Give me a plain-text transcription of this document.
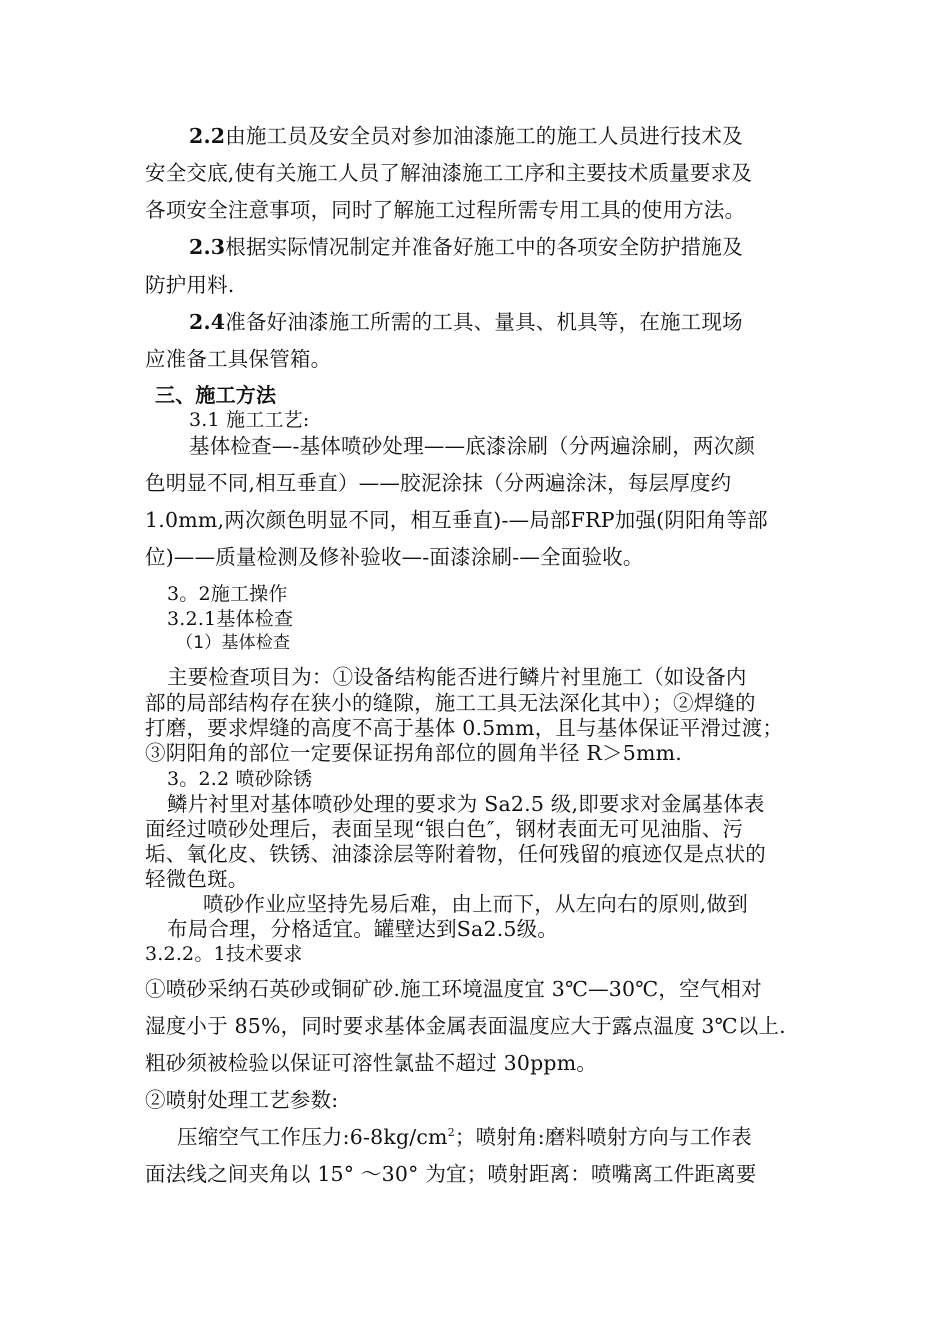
2.2由施工员及安全员对参加油漆施工的施工人员进行技术及
安全交底,使有关施工人员了解油漆施工工序和主要技术质量要求及
各项安全注意事项，同时了解施工过程所需专用工具的使用方法。
2.3根据实际情况制定并准备好施工中的各项安全防护措施及
防护用料.
2.4准备好油漆施工所需的工具、量具、机具等，在施工现场
应准备工具保管箱。
三、施工方法
3.1 施工工艺:
基体检查—-基体喷砂处理——底漆涂刷（分两遍涂刷，两次颜
色明显不同,相互垂直）——胶泥涂抹（分两遍涂沫，每层厚度约
1.0mm,两次颜色明显不同，相互垂直)-—局部FRP加强(阴阳角等部
位)——质量检测及修补验收—-面漆涂刷-—全面验收。
3。2施工操作
3.2.1基体检查
（1）基体检查
主要检查项目为：①设备结构能否进行鳞片衬里施工（如设备内
部的局部结构存在狭小的缝隙，施工工具无法深化其中）；②焊缝的
打磨，要求焊缝的高度不高于基体 0.5mm，且与基体保证平滑过渡；
③阴阳角的部位一定要保证拐角部位的圆角半径 R＞5mm.
3。2.2 喷砂除锈
鳞片衬里对基体喷砂处理的要求为 Sa2.5 级,即要求对金属基体表
面经过喷砂处理后，表面呈现“银白色″，钢材表面无可见油脂、污
垢、氧化皮、铁锈、油漆涂层等附着物，任何残留的痕迹仅是点状的
轻微色斑。
喷砂作业应坚持先易后难，由上而下，从左向右的原则,做到
布局合理，分格适宜。罐壁达到Sa2.5级。
3.2.2。1技术要求
①喷砂采纳石英砂或铜矿砂.施工环境温度宜 3℃—30℃，空气相对
湿度小于 85%，同时要求基体金属表面温度应大于露点温度 3℃以上.
粗砂须被检验以保证可溶性氯盐不超过 30ppm。
②喷射处理工艺参数:
压缩空气工作压力$:6-8kg/cm^2$；喷射角:磨料喷射方向与工作表
面法线之间夹角以 15° ～30° 为宜；喷射距离：喷嘴离工件距离要
